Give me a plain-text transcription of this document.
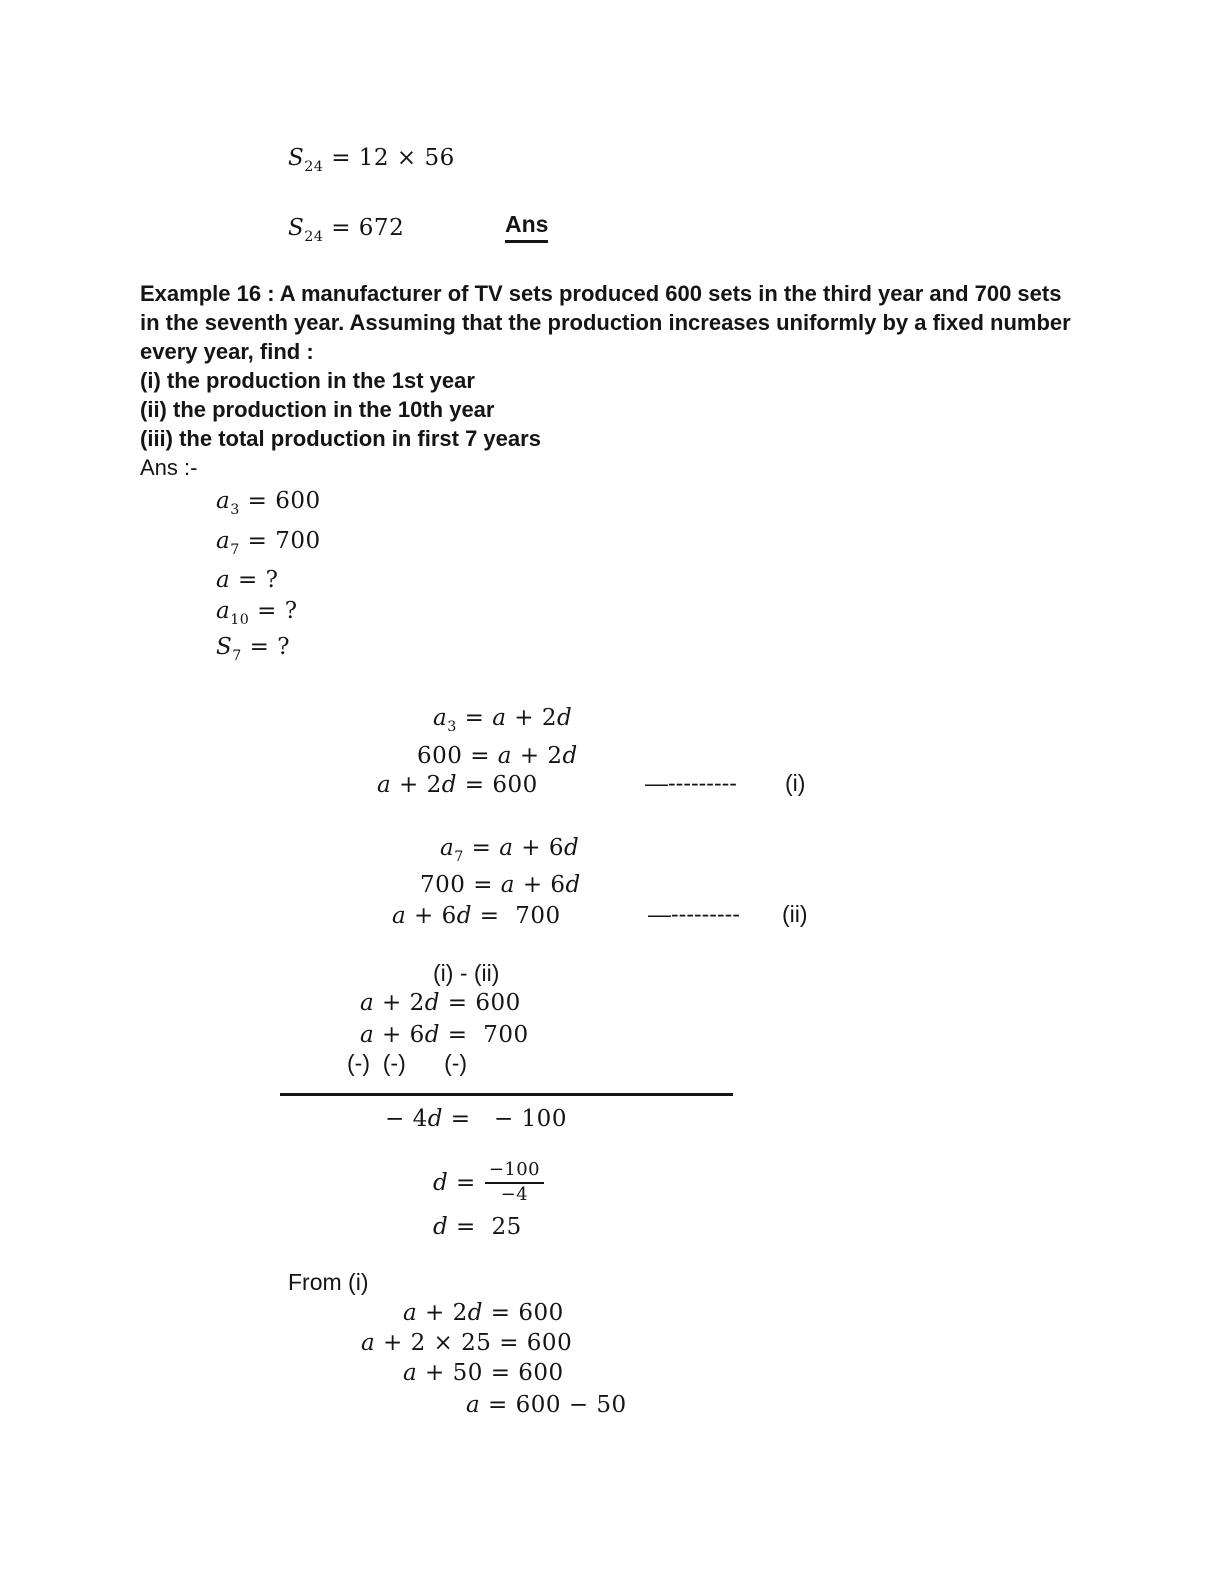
$S_{24} = 12 \times 56$
$S_{24} = 672$	Ans
Example 16 : A manufacturer of TV sets produced 600 sets in the third year and 700 sets
in the seventh year. Assuming that the production increases uniformly by a fixed number
every year, find :
(i) the production in the 1st year
(ii) the production in the 10th year
(iii) the total production in first 7 years
Ans :-
$a_3 = 600$
$a_7 = 700$
a = ?
$a_{10}$ = ?
$S_7$ = ?
$a_3 = a + 2d$
600 = a + 2d
a + 2d = 600	—--------- (i)
$a_7 = a + 6d$
700 = a + 6d
a + 6d =  700	—--------- (ii)
(i) - (ii)
a + 2d = 600
a + 6d =  700
(-)  (-)      (-)
− 4d =   − 100
$d = \frac{-100}{-4}$
d =  25
From (i)
a + 2d = 600
a + 2 × 25 = 600
a + 50 = 600
a = 600 − 50
